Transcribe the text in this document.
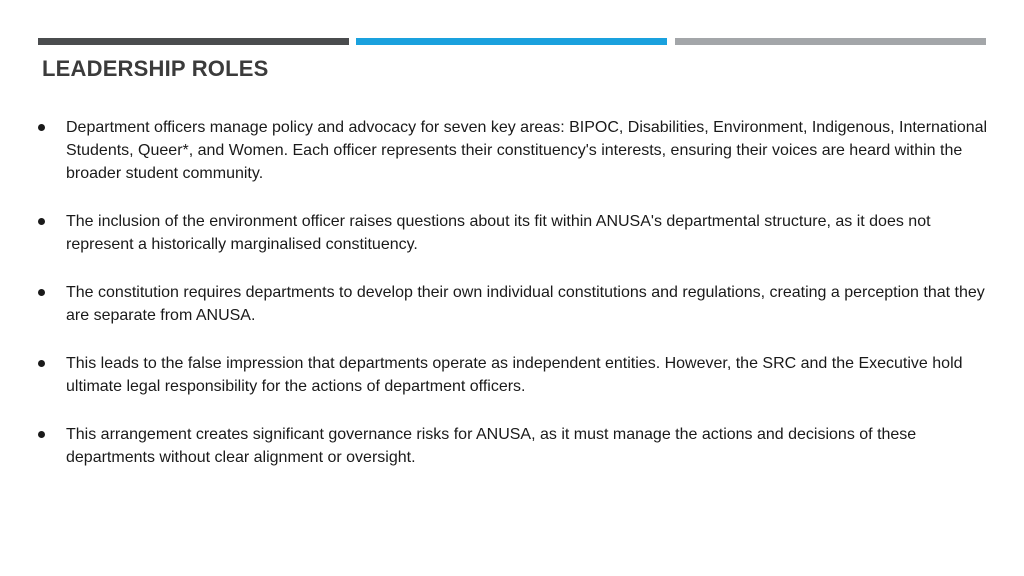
LEADERSHIP ROLES
Department officers manage policy and advocacy for seven key areas: BIPOC, Disabilities, Environment, Indigenous, International Students, Queer*, and Women. Each officer represents their constituency's interests, ensuring their voices are heard within the broader student community.
The inclusion of the environment officer raises questions about its fit within ANUSA's departmental structure, as it does not represent a historically marginalised constituency.
The constitution requires departments to develop their own individual constitutions and regulations, creating a perception that they are separate from ANUSA.
This leads to the false impression that departments operate as independent entities. However, the SRC and the Executive hold ultimate legal responsibility for the actions of department officers.
This arrangement creates significant governance risks for ANUSA, as it must manage the actions and decisions of these departments without clear alignment or oversight.
